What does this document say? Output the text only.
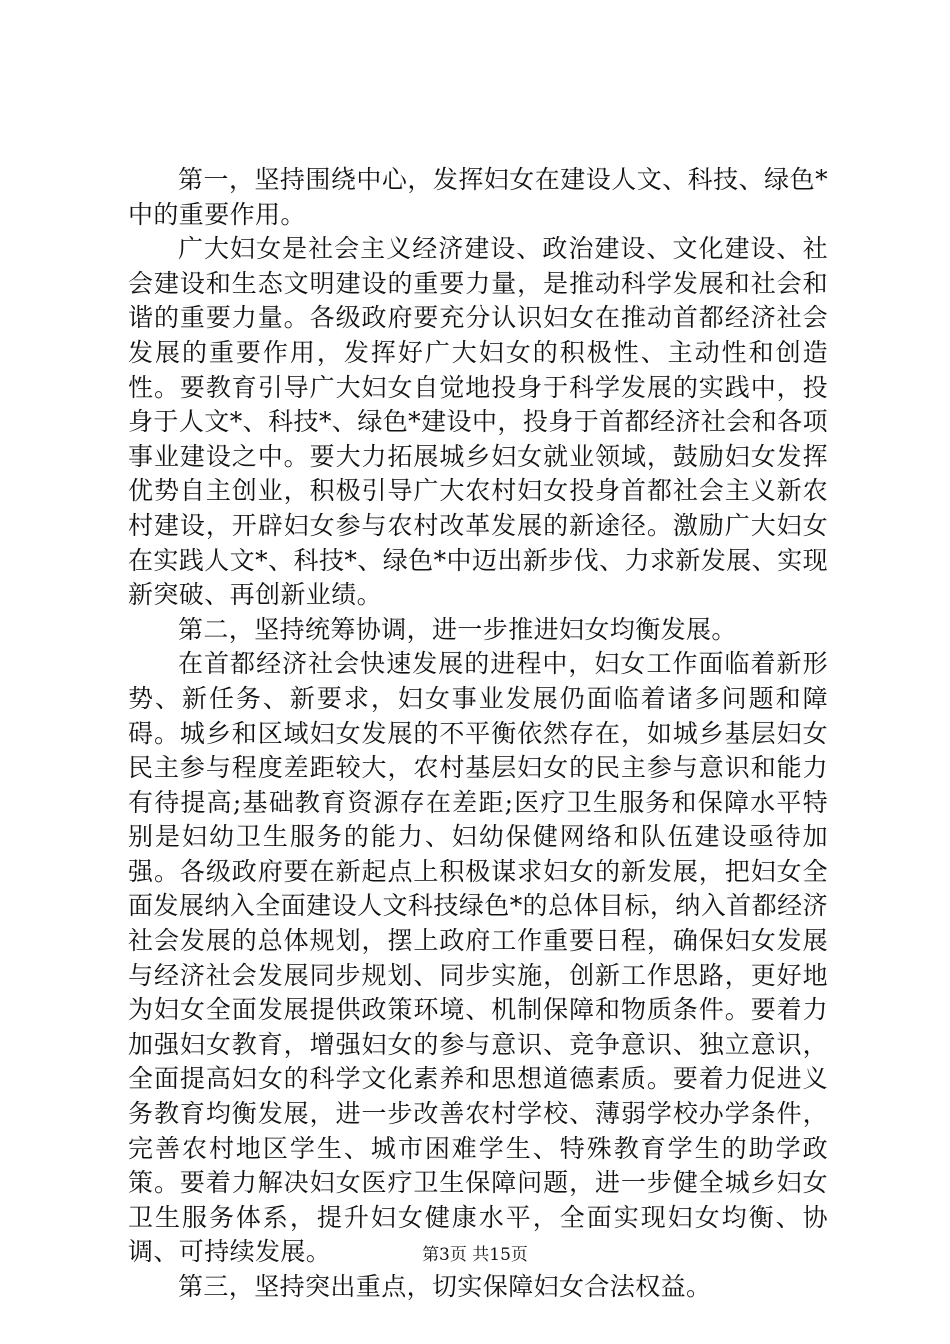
第一，坚持围绕中心，发挥妇女在建设人文、科技、绿色*中的重要作用。

广大妇女是社会主义经济建设、政治建设、文化建设、社会建设和生态文明建设的重要力量，是推动科学发展和社会和谐的重要力量。各级政府要充分认识妇女在推动首都经济社会发展的重要作用，发挥好广大妇女的积极性、主动性和创造性。要教育引导广大妇女自觉地投身于科学发展的实践中，投身于人文*、科技*、绿色*建设中，投身于首都经济社会和各项事业建设之中。要大力拓展城乡妇女就业领域，鼓励妇女发挥优势自主创业，积极引导广大农村妇女投身首都社会主义新农村建设，开辟妇女参与农村改革发展的新途径。激励广大妇女在实践人文*、科技*、绿色*中迈出新步伐、力求新发展、实现新突破、再创新业绩。

第二，坚持统筹协调，进一步推进妇女均衡发展。

在首都经济社会快速发展的进程中，妇女工作面临着新形势、新任务、新要求，妇女事业发展仍面临着诸多问题和障碍。城乡和区域妇女发展的不平衡依然存在，如城乡基层妇女民主参与程度差距较大，农村基层妇女的民主参与意识和能力有待提高;基础教育资源存在差距;医疗卫生服务和保障水平特别是妇幼卫生服务的能力、妇幼保健网络和队伍建设亟待加强。各级政府要在新起点上积极谋求妇女的新发展，把妇女全面发展纳入全面建设人文科技绿色*的总体目标，纳入首都经济社会发展的总体规划，摆上政府工作重要日程，确保妇女发展与经济社会发展同步规划、同步实施，创新工作思路，更好地为妇女全面发展提供政策环境、机制保障和物质条件。要着力加强妇女教育，增强妇女的参与意识、竞争意识、独立意识，全面提高妇女的科学文化素养和思想道德素质。要着力促进义务教育均衡发展，进一步改善农村学校、薄弱学校办学条件，完善农村地区学生、城市困难学生、特殊教育学生的助学政策。要着力解决妇女医疗卫生保障问题，进一步健全城乡妇女卫生服务体系，提升妇女健康水平，全面实现妇女均衡、协调、可持续发展。

第三，坚持突出重点，切实保障妇女合法权益。

第3页 共15页
